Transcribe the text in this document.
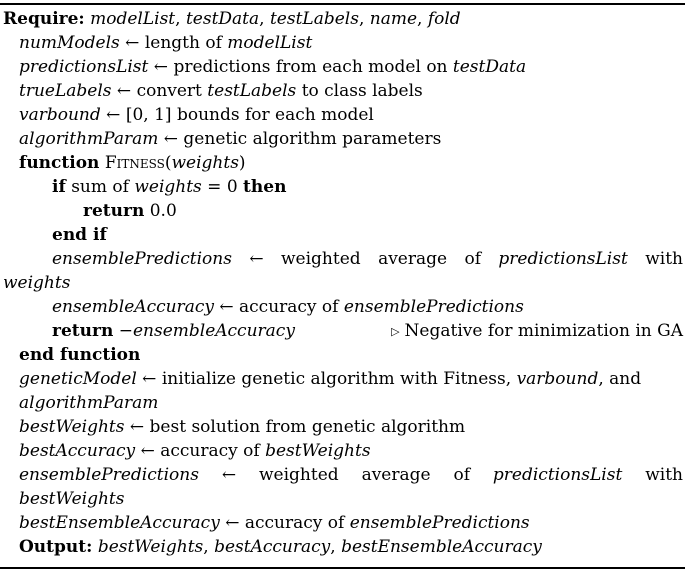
Require: modelList, testData, testLabels, name, fold
numModels ← length of modelList
predictionsList ← predictions from each model on testData
trueLabels ← convert testLabels to class labels
varbound ← [0, 1] bounds for each model
algorithmParam ← genetic algorithm parameters
function Fitness(weights)
if sum of weights = 0 then
return 0.0
end if
ensemblePredictions ← weighted average of predictionsList with
weights
ensembleAccuracy ← accuracy of ensemblePredictions
return −ensembleAccuracy	▷ Negative for minimization in GA
end function
geneticModel ← initialize genetic algorithm with Fitness, varbound, and
algorithmParam
bestWeights ← best solution from genetic algorithm
bestAccuracy ← accuracy of bestWeights
ensemblePredictions ← weighted average of predictionsList with
bestWeights
bestEnsembleAccuracy ← accuracy of ensemblePredictions
Output: bestWeights, bestAccuracy, bestEnsembleAccuracy
